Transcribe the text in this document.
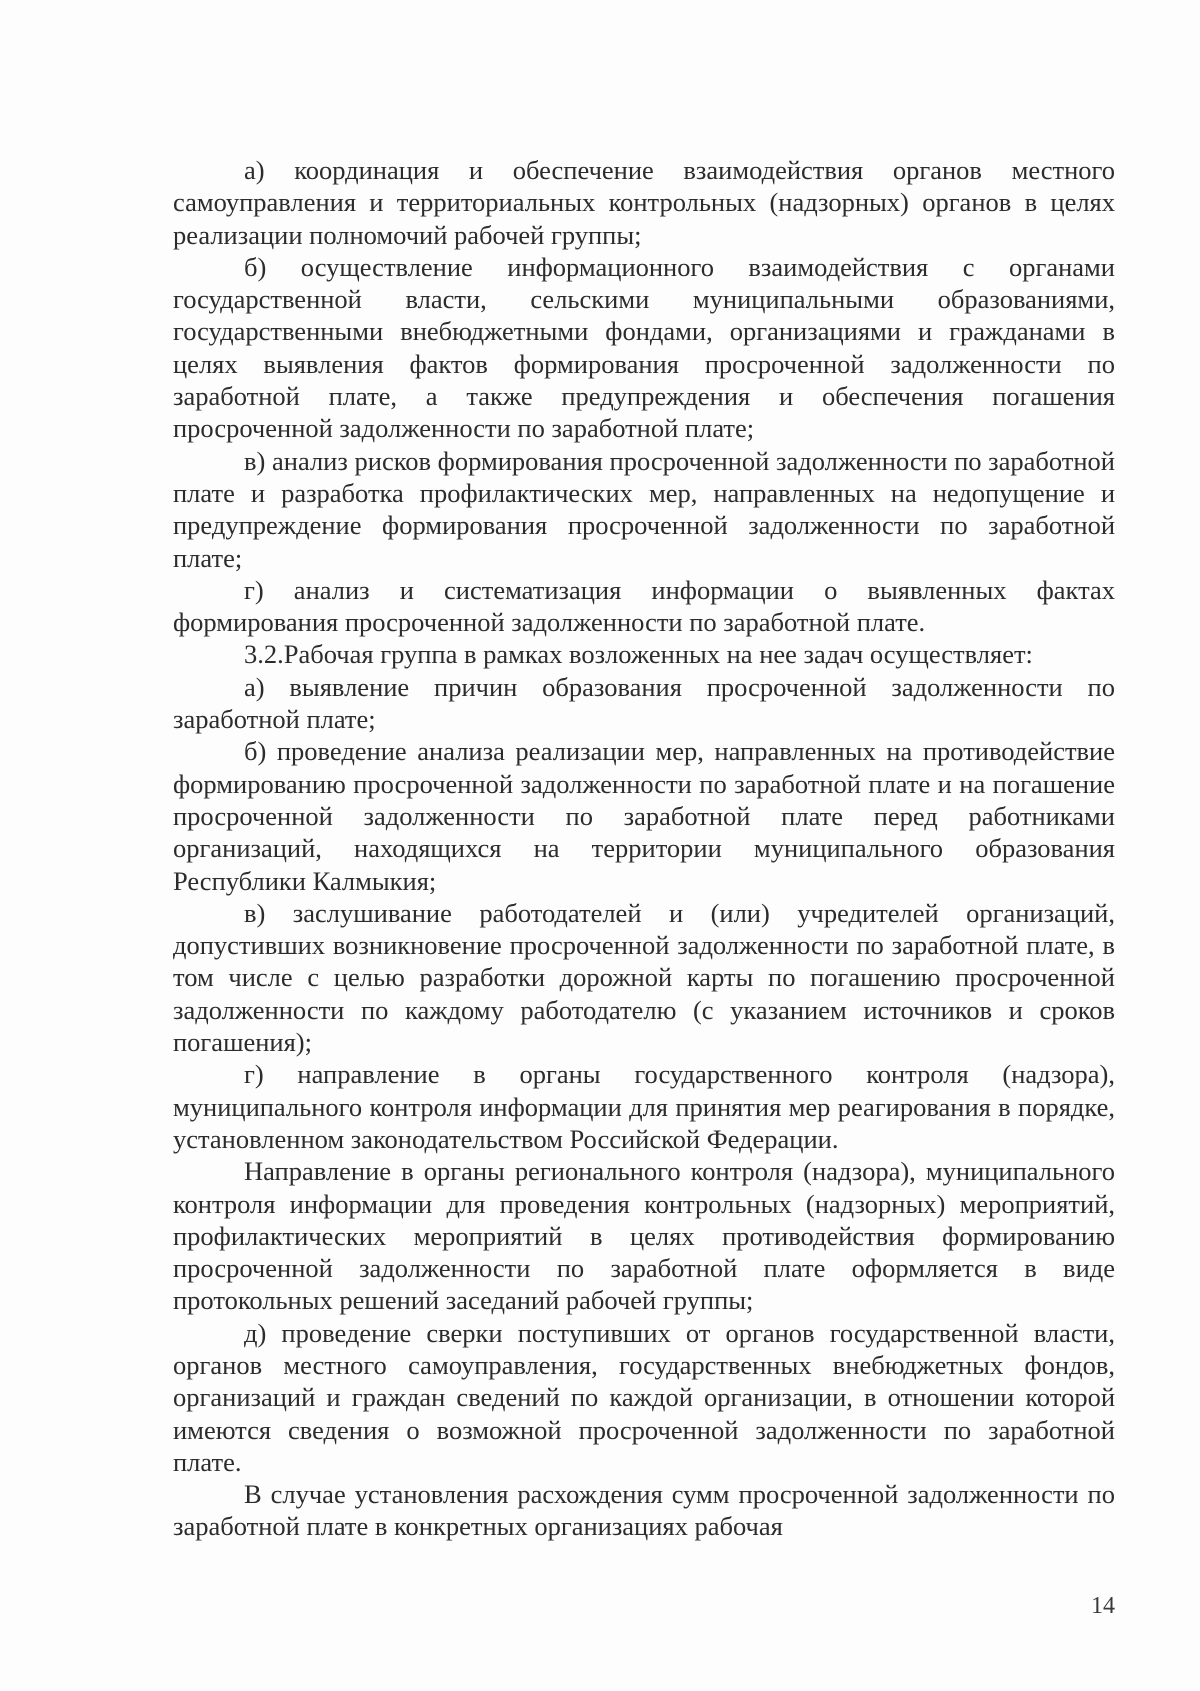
а) координация и обеспечение взаимодействия органов местного самоуправления и территориальных контрольных (надзорных) органов в целях реализации полномочий рабочей группы;

б) осуществление информационного взаимодействия с органами государственной власти, сельскими муниципальными образованиями, государственными внебюджетными фондами, организациями и гражданами в целях выявления фактов формирования просроченной задолженности по заработной плате, а также предупреждения и обеспечения погашения просроченной задолженности по заработной плате;

в) анализ рисков формирования просроченной задолженности по заработной плате и разработка профилактических мер, направленных на недопущение и предупреждение формирования просроченной задолженности по заработной плате;

г) анализ и систематизация информации о выявленных фактах формирования просроченной задолженности по заработной плате.

3.2.Рабочая группа в рамках возложенных на нее задач осуществляет:

а) выявление причин образования просроченной задолженности по заработной плате;

б) проведение анализа реализации мер, направленных на противодействие формированию просроченной задолженности по заработной плате и на погашение просроченной задолженности по заработной плате перед работниками организаций, находящихся на территории муниципального образования Республики Калмыкия;

в) заслушивание работодателей и (или) учредителей организаций, допустивших возникновение просроченной задолженности по заработной плате, в том числе с целью разработки дорожной карты по погашению просроченной задолженности по каждому работодателю (с указанием источников и сроков погашения);

г) направление в органы государственного контроля (надзора), муниципального контроля информации для принятия мер реагирования в порядке, установленном законодательством Российской Федерации.

Направление в органы регионального контроля (надзора), муниципального контроля информации для проведения контрольных (надзорных) мероприятий, профилактических мероприятий в целях противодействия формированию просроченной задолженности по заработной плате оформляется в виде протокольных решений заседаний рабочей группы;

д) проведение сверки поступивших от органов государственной власти, органов местного самоуправления, государственных внебюджетных фондов, организаций и граждан сведений по каждой организации, в отношении которой имеются сведения о возможной просроченной задолженности по заработной плате.

В случае установления расхождения сумм просроченной задолженности по заработной плате в конкретных организациях рабочая

14
